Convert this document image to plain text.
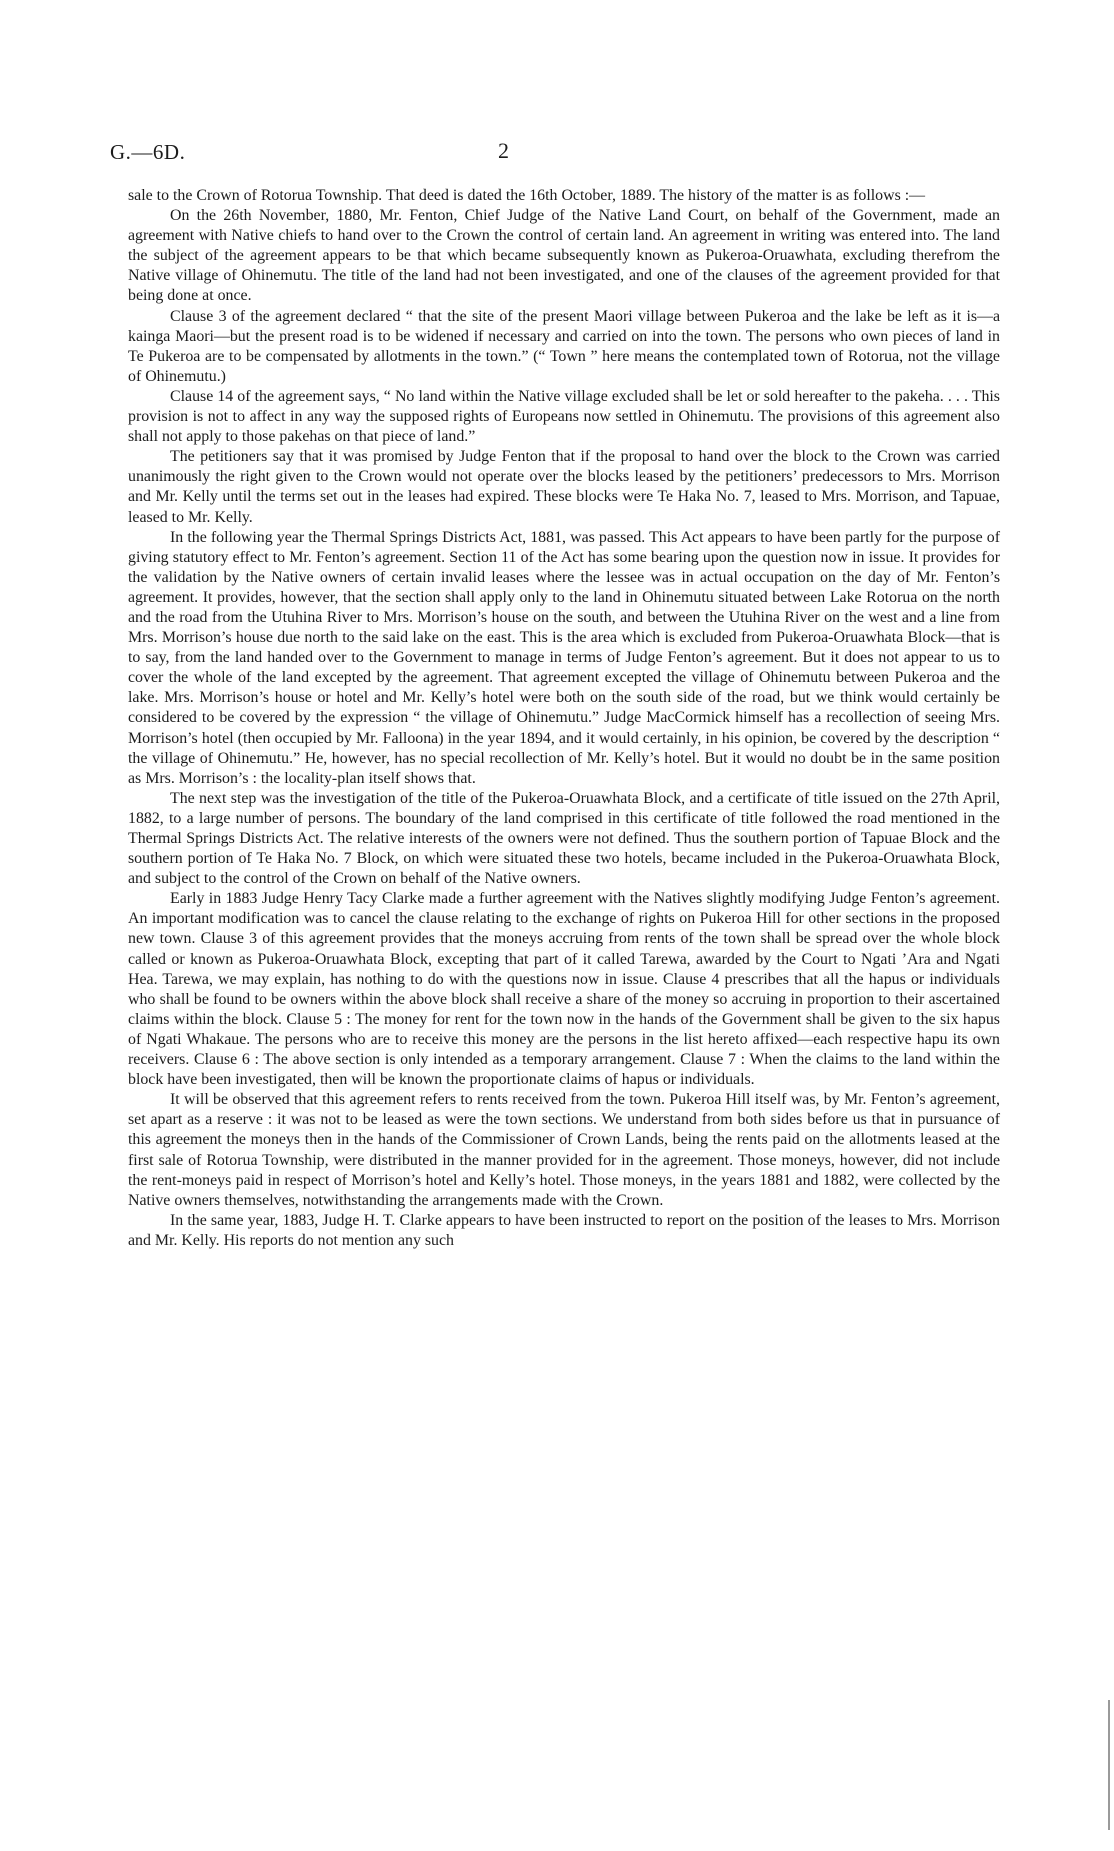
G.—6D.	2

sale to the Crown of Rotorua Township. That deed is dated the 16th October, 1889. The history of the matter is as follows :—

On the 26th November, 1880, Mr. Fenton, Chief Judge of the Native Land Court, on behalf of the Government, made an agreement with Native chiefs to hand over to the Crown the control of certain land. An agreement in writing was entered into. The land the subject of the agreement appears to be that which became subsequently known as Pukeroa-Oruawhata, excluding therefrom the Native village of Ohinemutu. The title of the land had not been investigated, and one of the clauses of the agreement provided for that being done at once.

Clause 3 of the agreement declared “ that the site of the present Maori village between Pukeroa and the lake be left as it is—a kainga Maori—but the present road is to be widened if necessary and carried on into the town. The persons who own pieces of land in Te Pukeroa are to be compensated by allotments in the town.” (“ Town ” here means the contemplated town of Rotorua, not the village of Ohinemutu.)

Clause 14 of the agreement says, “ No land within the Native village excluded shall be let or sold hereafter to the pakeha. . . . This provision is not to affect in any way the supposed rights of Europeans now settled in Ohinemutu. The provisions of this agreement also shall not apply to those pakehas on that piece of land.”

The petitioners say that it was promised by Judge Fenton that if the proposal to hand over the block to the Crown was carried unanimously the right given to the Crown would not operate over the blocks leased by the petitioners’ predecessors to Mrs. Morrison and Mr. Kelly until the terms set out in the leases had expired. These blocks were Te Haka No. 7, leased to Mrs. Morrison, and Tapuae, leased to Mr. Kelly.

In the following year the Thermal Springs Districts Act, 1881, was passed. This Act appears to have been partly for the purpose of giving statutory effect to Mr. Fenton’s agreement. Section 11 of the Act has some bearing upon the question now in issue. It provides for the validation by the Native owners of certain invalid leases where the lessee was in actual occupation on the day of Mr. Fenton’s agreement. It provides, however, that the section shall apply only to the land in Ohinemutu situated between Lake Rotorua on the north and the road from the Utuhina River to Mrs. Morrison’s house on the south, and between the Utuhina River on the west and a line from Mrs. Morrison’s house due north to the said lake on the east. This is the area which is excluded from Pukeroa-Oruawhata Block—that is to say, from the land handed over to the Government to manage in terms of Judge Fenton’s agreement. But it does not appear to us to cover the whole of the land excepted by the agreement. That agreement excepted the village of Ohinemutu between Pukeroa and the lake. Mrs. Morrison’s house or hotel and Mr. Kelly’s hotel were both on the south side of the road, but we think would certainly be considered to be covered by the expression “ the village of Ohinemutu.” Judge MacCormick himself has a recollection of seeing Mrs. Morrison’s hotel (then occupied by Mr. Falloona) in the year 1894, and it would certainly, in his opinion, be covered by the description “ the village of Ohinemutu.” He, however, has no special recollection of Mr. Kelly’s hotel. But it would no doubt be in the same position as Mrs. Morrison’s : the locality-plan itself shows that.

The next step was the investigation of the title of the Pukeroa-Oruawhata Block, and a certificate of title issued on the 27th April, 1882, to a large number of persons. The boundary of the land comprised in this certificate of title followed the road mentioned in the Thermal Springs Districts Act. The relative interests of the owners were not defined. Thus the southern portion of Tapuae Block and the southern portion of Te Haka No. 7 Block, on which were situated these two hotels, became included in the Pukeroa-Oruawhata Block, and subject to the control of the Crown on behalf of the Native owners.

Early in 1883 Judge Henry Tacy Clarke made a further agreement with the Natives slightly modifying Judge Fenton’s agreement. An important modification was to cancel the clause relating to the exchange of rights on Pukeroa Hill for other sections in the proposed new town. Clause 3 of this agreement provides that the moneys accruing from rents of the town shall be spread over the whole block called or known as Pukeroa-Oruawhata Block, excepting that part of it called Tarewa, awarded by the Court to Ngati ’Ara and Ngati Hea. Tarewa, we may explain, has nothing to do with the questions now in issue. Clause 4 prescribes that all the hapus or individuals who shall be found to be owners within the above block shall receive a share of the money so accruing in proportion to their ascertained claims within the block. Clause 5 : The money for rent for the town now in the hands of the Government shall be given to the six hapus of Ngati Whakaue. The persons who are to receive this money are the persons in the list hereto affixed—each respective hapu its own receivers. Clause 6 : The above section is only intended as a temporary arrangement. Clause 7 : When the claims to the land within the block have been investigated, then will be known the proportionate claims of hapus or individuals.

It will be observed that this agreement refers to rents received from the town. Pukeroa Hill itself was, by Mr. Fenton’s agreement, set apart as a reserve : it was not to be leased as were the town sections. We understand from both sides before us that in pursuance of this agreement the moneys then in the hands of the Commissioner of Crown Lands, being the rents paid on the allotments leased at the first sale of Rotorua Township, were distributed in the manner provided for in the agreement. Those moneys, however, did not include the rent-moneys paid in respect of Morrison’s hotel and Kelly’s hotel. Those moneys, in the years 1881 and 1882, were collected by the Native owners themselves, notwithstanding the arrangements made with the Crown.

In the same year, 1883, Judge H. T. Clarke appears to have been instructed to report on the position of the leases to Mrs. Morrison and Mr. Kelly. His reports do not mention any such
